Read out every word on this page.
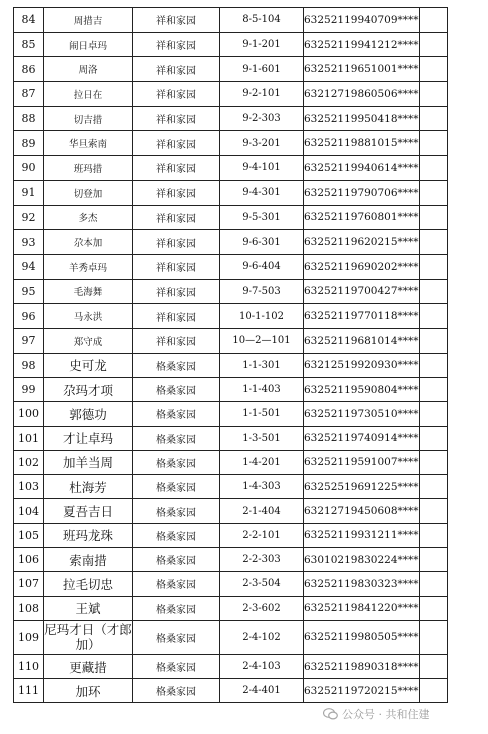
84	周措吉	祥和家园	8-5-104	63252119940709****	
85	闹日卓玛	祥和家园	9-1-201	63252119941212****	
86	周洛	祥和家园	9-1-601	63252119651001****	
87	拉日在	祥和家园	9-2-101	63212719860506****	
88	切吉措	祥和家园	9-2-303	63252119950418****	
89	华旦索南	祥和家园	9-3-201	63252119881015****	
90	班玛措	祥和家园	9-4-101	63252119940614****	
91	切登加	祥和家园	9-4-301	63252119790706****	
92	多杰	祥和家园	9-5-301	63252119760801****	
93	尕本加	祥和家园	9-6-301	63252119620215****	
94	羊秀卓玛	祥和家园	9-6-404	63252119690202****	
95	毛海舞	祥和家园	9-7-503	63252119700427****	
96	马永洪	祥和家园	10-1-102	63252119770118****	
97	郑守成	祥和家园	10—2—101	63252119681014****	
98	史可龙	格桑家园	1-1-301	63212519920930****	
99	尕玛才项	格桑家园	1-1-403	63252119590804****	
100	郭德功	格桑家园	1-1-501	63252119730510****	
101	才让卓玛	格桑家园	1-3-501	63252119740914****	
102	加羊当周	格桑家园	1-4-201	63252119591007****	
103	杜海芳	格桑家园	1-4-303	63252519691225****	
104	夏吾吉日	格桑家园	2-1-404	63212719450608****	
105	班玛龙珠	格桑家园	2-2-101	63252119931211****	
106	索南措	格桑家园	2-2-303	63010219830224****	
107	拉毛切忠	格桑家园	2-3-504	63252119830323****	
108	王斌	格桑家园	2-3-602	63252119841220****	
109	尼玛才日（才郎加）	格桑家园	2-4-102	63252119980505****	
110	更藏措	格桑家园	2-4-103	63252119890318****	
111	加环	格桑家园	2-4-401	63252119720215****	
公众号 · 共和住建
